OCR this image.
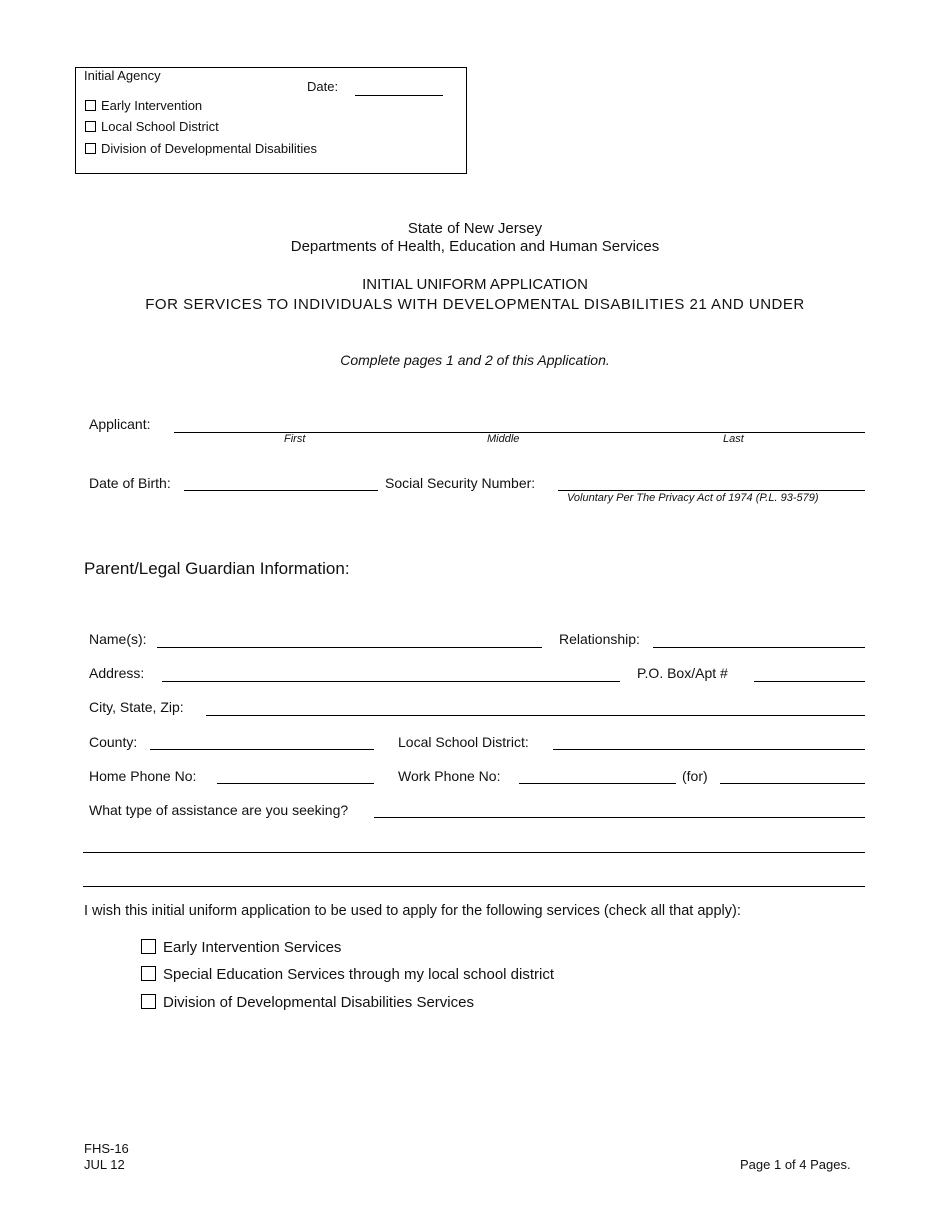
Initial Agency
Date:
Early Intervention
Local School District
Division of Developmental Disabilities
State of New Jersey
Departments of Health, Education and Human Services
INITIAL UNIFORM APPLICATION
FOR SERVICES TO INDIVIDUALS WITH DEVELOPMENTAL DISABILITIES 21 AND UNDER
Complete pages 1 and 2 of this Application.
Applicant:
First	Middle	Last
Date of Birth:	Social Security Number:
Voluntary Per The Privacy Act of 1974 (P.L. 93-579)
Parent/Legal Guardian Information:
Name(s):	Relationship:
Address:	P.O. Box/Apt #
City, State, Zip:
County:	Local School District:
Home Phone No:	Work Phone No:	(for)
What type of assistance are you seeking?
I wish this initial uniform application to be used to apply for the following services (check all that apply):
Early Intervention Services
Special Education Services through my local school district
Division of Developmental Disabilities Services
FHS-16
JUL 12	Page 1 of 4 Pages.
